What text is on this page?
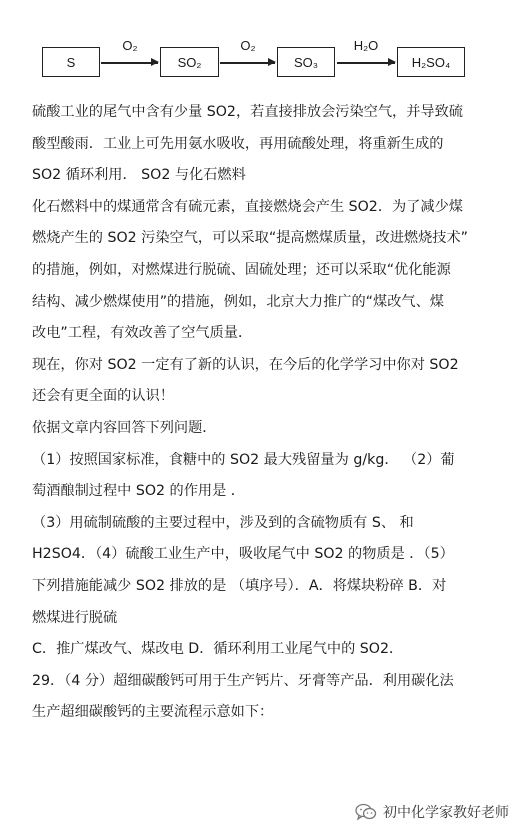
S
O₂
SO₂
O₂
SO₃
H₂O
H₂SO₄

硫酸工业的尾气中含有少量 SO2，若直接排放会污染空气，并导致硫

酸型酸雨．工业上可先用氨水吸收，再用硫酸处理，将重新生成的

SO2 循环利用． SO2 与化石燃料

化石燃料中的煤通常含有硫元素，直接燃烧会产生 SO2．为了减少煤

燃烧产生的 SO2 污染空气，可以采取“提高燃煤质量，改进燃烧技术”

的措施，例如，对燃煤进行脱硫、固硫处理；还可以采取“优化能源

结构、减少燃煤使用”的措施，例如，北京大力推广的“煤改气、煤

改电”工程，有效改善了空气质量．

现在，你对 SO2 一定有了新的认识，在今后的化学学习中你对 SO2

还会有更全面的认识！

依据文章内容回答下列问题．

（1）按照国家标准，食糖中的 SO2 最大残留量为 g/kg． （2）葡

萄酒酿制过程中 SO2 的作用是 ．

（3）用硫制硫酸的主要过程中，涉及到的含硫物质有 S、 和

H2SO4．（4）硫酸工业生产中，吸收尾气中 SO2 的物质是 ．（5）

下列措施能减少 SO2 排放的是 （填序号）．A．将煤块粉碎 B．对

燃煤进行脱硫

C．推广煤改气、煤改电 D．循环利用工业尾气中的 SO2．

29．（4 分）超细碳酸钙可用于生产钙片、牙膏等产品．利用碳化法

生产超细碳酸钙的主要流程示意如下：

初中化学家教好老师
